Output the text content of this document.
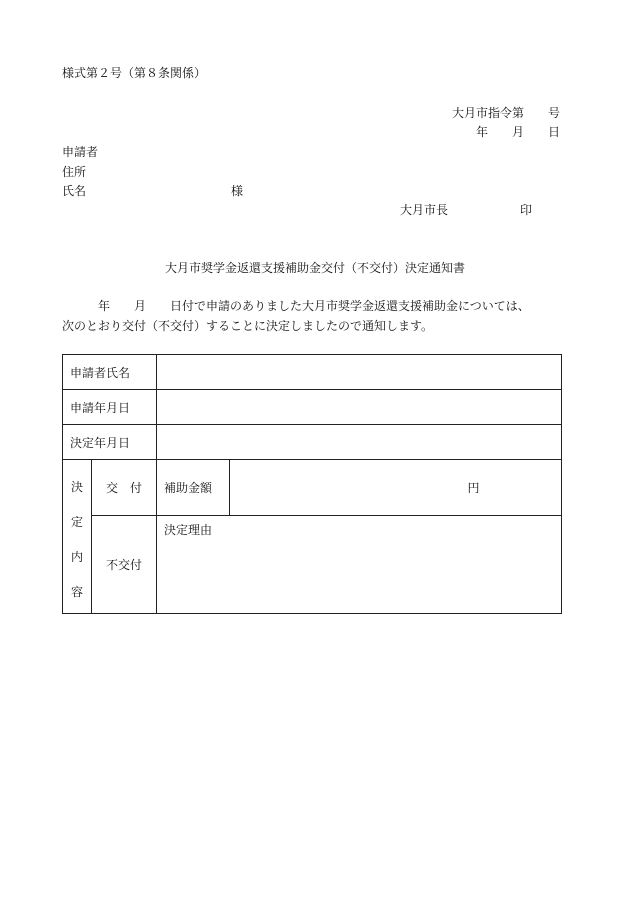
様式第２号（第８条関係）
大月市指令第　　号
年　　月　　日
申請者
住所
氏名	様
大月市長　　　　　　印
大月市奨学金返還支援補助金交付（不交付）決定通知書
　　　年　　月　　日付で申請のありました大月市奨学金返還支援補助金については、
次のとおり交付（不交付）することに決定しましたので通知します。
申請者氏名			
申請年月日			
決定年月日			

決
定
内
容	交　付	補助金額	円
	不交付	決定理由	
